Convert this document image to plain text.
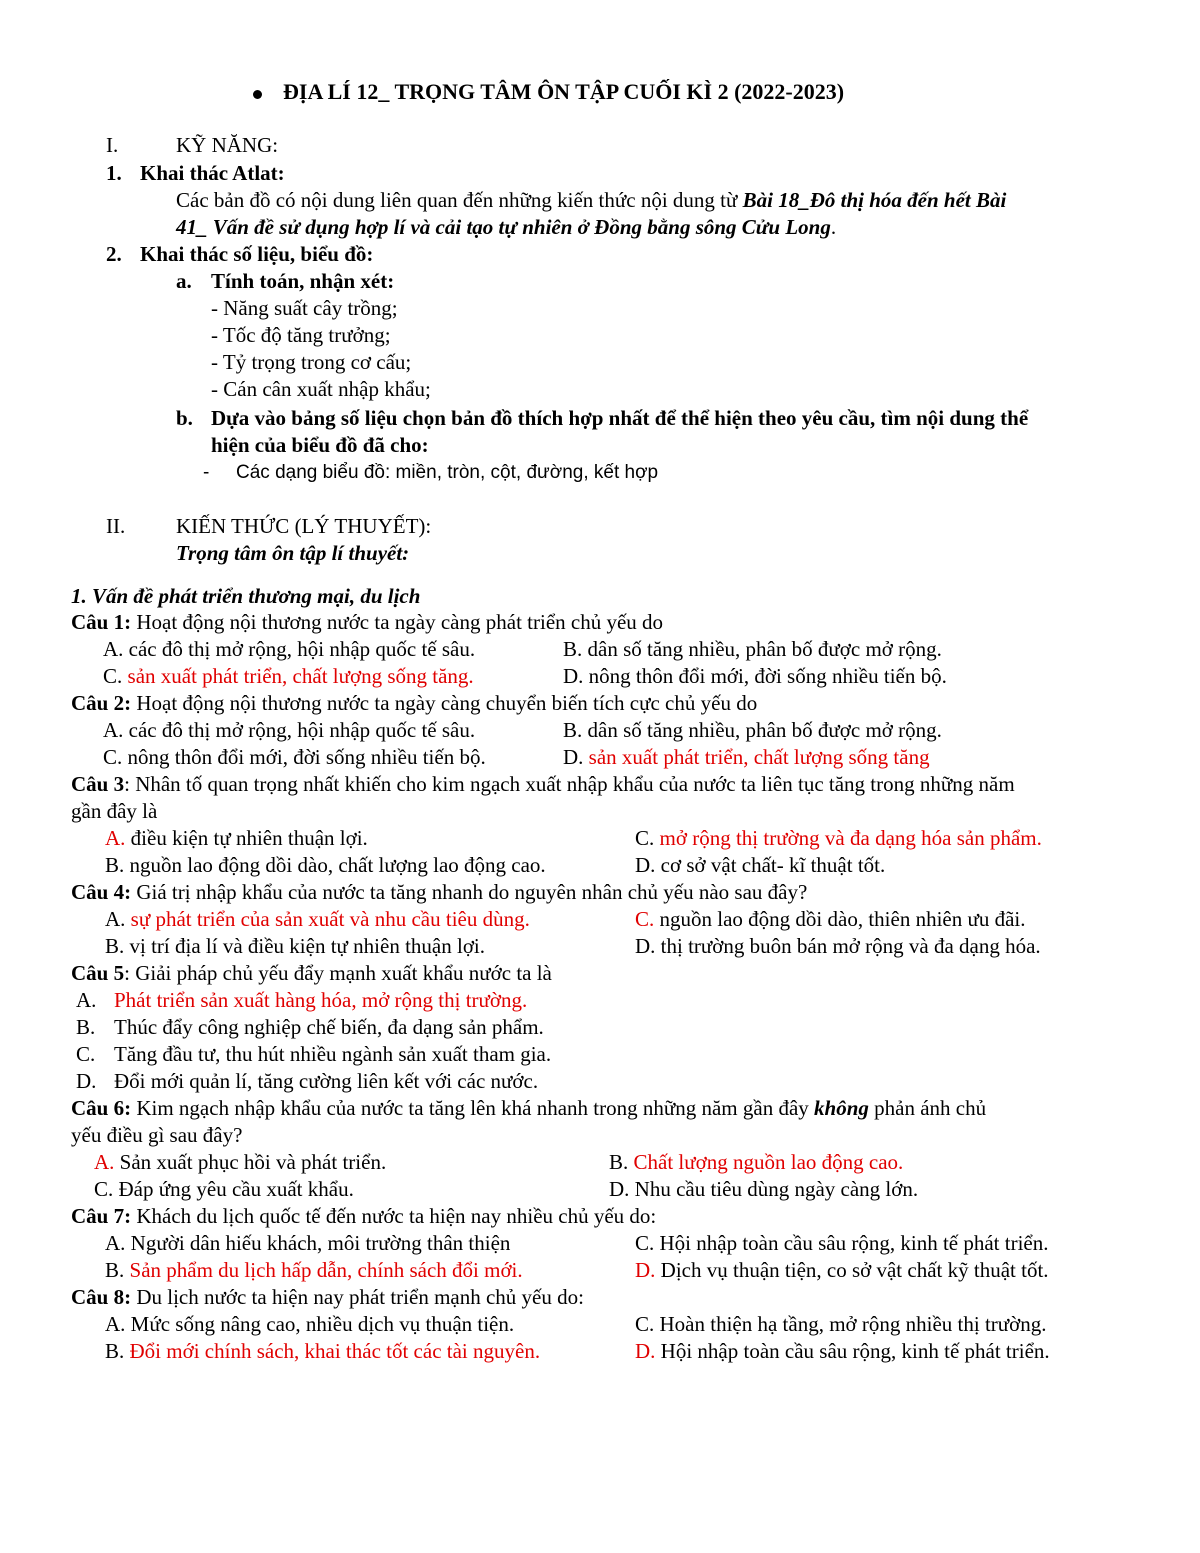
ĐỊA LÍ 12_ TRỌNG TÂM ÔN TẬP CUỐI KÌ 2 (2022-2023)
I.	KỸ NĂNG:
1. Khai thác Atlat:
Các bản đồ có nội dung liên quan đến những kiến thức nội dung từ Bài 18_Đô thị hóa đến hết Bài
41_ Vấn đề sử dụng hợp lí và cải tạo tự nhiên ở Đồng bằng sông Cửu Long.
2. Khai thác số liệu, biểu đồ:
a. Tính toán, nhận xét:
- Năng suất cây trồng;
- Tốc độ tăng trưởng;
- Tỷ trọng trong cơ cấu;
- Cán cân xuất nhập khẩu;
b. Dựa vào bảng số liệu chọn bản đồ thích hợp nhất để thể hiện theo yêu cầu, tìm nội dung thể
hiện của biểu đồ đã cho:
- Các dạng biểu đồ: miền, tròn, cột, đường, kết hợp
II. KIẾN THỨC (LÝ THUYẾT):
Trọng tâm ôn tập lí thuyết:
1. Vấn đề phát triển thương mại, du lịch
Câu 1: Hoạt động nội thương nước ta ngày càng phát triển chủ yếu do
A. các đô thị mở rộng, hội nhập quốc tế sâu.	B. dân số tăng nhiều, phân bố được mở rộng.
C. sản xuất phát triển, chất lượng sống tăng.	D. nông thôn đổi mới, đời sống nhiều tiến bộ.
Câu 2: Hoạt động nội thương nước ta ngày càng chuyển biến tích cực chủ yếu do
A. các đô thị mở rộng, hội nhập quốc tế sâu.	B. dân số tăng nhiều, phân bố được mở rộng.
C. nông thôn đổi mới, đời sống nhiều tiến bộ.	D. sản xuất phát triển, chất lượng sống tăng
Câu 3: Nhân tố quan trọng nhất khiến cho kim ngạch xuất nhập khẩu của nước ta liên tục tăng trong những năm
gần đây là
A. điều kiện tự nhiên thuận lợi.	C. mở rộng thị trường và đa dạng hóa sản phẩm.
B. nguồn lao động dồi dào, chất lượng lao động cao.	D. cơ sở vật chất- kĩ thuật tốt.
Câu 4: Giá trị nhập khẩu của nước ta tăng nhanh do nguyên nhân chủ yếu nào sau đây?
A. sự phát triển của sản xuất và nhu cầu tiêu dùng.	C. nguồn lao động dồi dào, thiên nhiên ưu đãi.
B. vị trí địa lí và điều kiện tự nhiên thuận lợi.	D. thị trường buôn bán mở rộng và đa dạng hóa.
Câu 5: Giải pháp chủ yếu đẩy mạnh xuất khẩu nước ta là
A. Phát triển sản xuất hàng hóa, mở rộng thị trường.
B. Thúc đẩy công nghiệp chế biến, đa dạng sản phẩm.
C. Tăng đầu tư, thu hút nhiều ngành sản xuất tham gia.
D. Đổi mới quản lí, tăng cường liên kết với các nước.
Câu 6: Kim ngạch nhập khẩu của nước ta tăng lên khá nhanh trong những năm gần đây không phản ánh chủ
yếu điều gì sau đây?
A. Sản xuất phục hồi và phát triển.	B. Chất lượng nguồn lao động cao.
C. Đáp ứng yêu cầu xuất khẩu.	D. Nhu cầu tiêu dùng ngày càng lớn.
Câu 7: Khách du lịch quốc tế đến nước ta hiện nay nhiều chủ yếu do:
A. Người dân hiếu khách, môi trường thân thiện	C. Hội nhập toàn cầu sâu rộng, kinh tế phát triển.
B. Sản phẩm du lịch hấp dẫn, chính sách đổi mới.	D. Dịch vụ thuận tiện, co sở vật chất kỹ thuật tốt.
Câu 8: Du lịch nước ta hiện nay phát triển mạnh chủ yếu do:
A. Mức sống nâng cao, nhiều dịch vụ thuận tiện.	C. Hoàn thiện hạ tầng, mở rộng nhiều thị trường.
B. Đổi mới chính sách, khai thác tốt các tài nguyên.	D. Hội nhập toàn cầu sâu rộng, kinh tế phát triển.
